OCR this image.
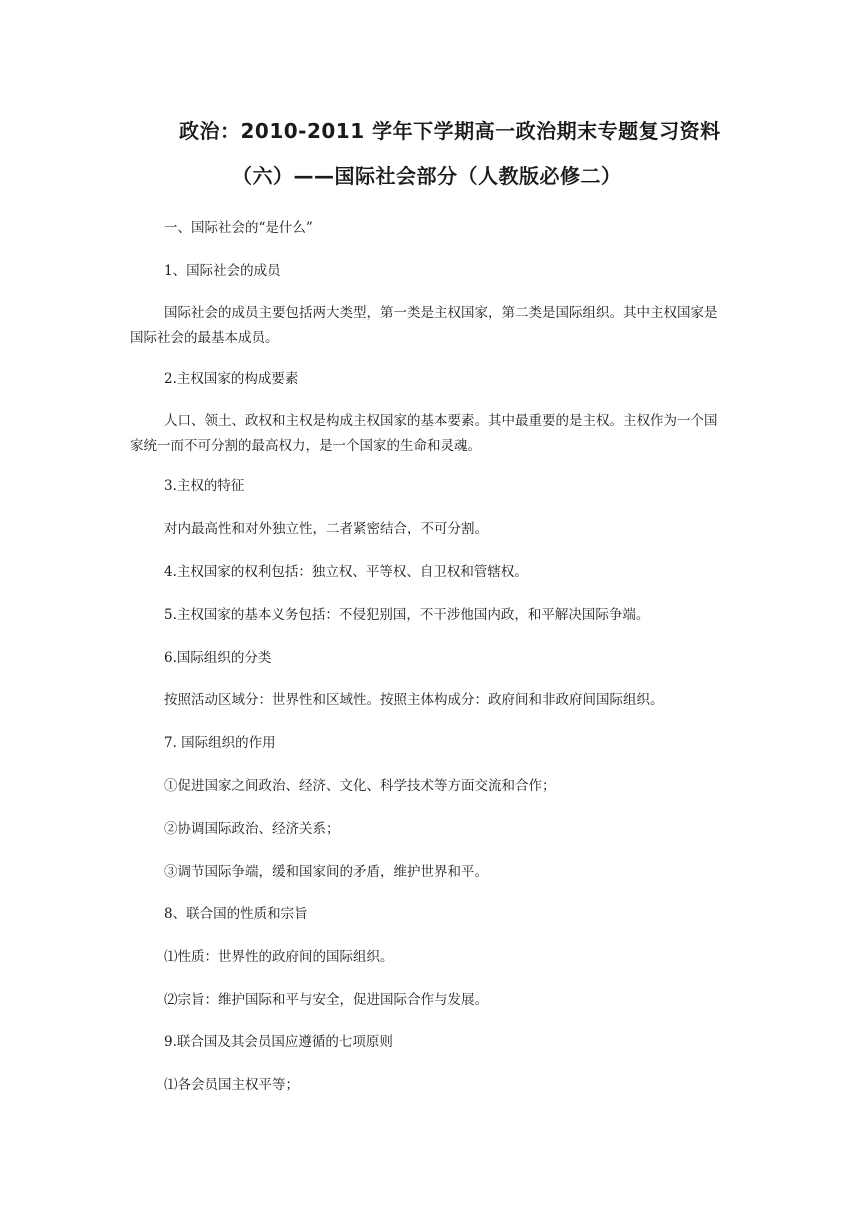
政治：2010-2011 学年下学期高一政治期末专题复习资料
（六）——国际社会部分（人教版必修二）
一、国际社会的“是什么”
1、国际社会的成员
国际社会的成员主要包括两大类型，第一类是主权国家，第二类是国际组织。其中主权国家是国际社会的最基本成员。
2.主权国家的构成要素
人口、领土、政权和主权是构成主权国家的基本要素。其中最重要的是主权。主权作为一个国家统一而不可分割的最高权力，是一个国家的生命和灵魂。
3.主权的特征
对内最高性和对外独立性，二者紧密结合，不可分割。
4.主权国家的权利包括：独立权、平等权、自卫权和管辖权。
5.主权国家的基本义务包括：不侵犯别国，不干涉他国内政，和平解决国际争端。
6.国际组织的分类
按照活动区域分：世界性和区域性。按照主体构成分：政府间和非政府间国际组织。
7. 国际组织的作用
①促进国家之间政治、经济、文化、科学技术等方面交流和合作；
②协调国际政治、经济关系；
③调节国际争端，缓和国家间的矛盾，维护世界和平。
8、联合国的性质和宗旨
⑴性质：世界性的政府间的国际组织。
⑵宗旨：维护国际和平与安全，促进国际合作与发展。
9.联合国及其会员国应遵循的七项原则
⑴各会员国主权平等；
